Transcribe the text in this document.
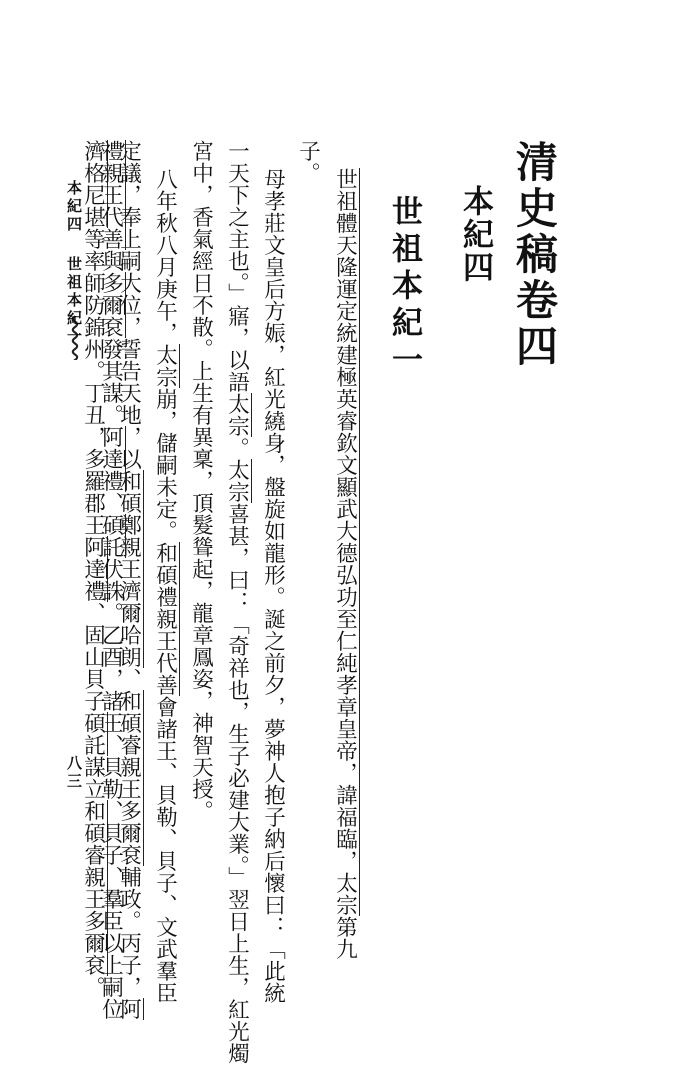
清史稿卷四
本紀四
世祖本紀一
世祖體天隆運定統建極英睿欽文顯武大德弘功至仁純孝章皇帝，諱福臨，太宗第九
子。
母孝莊文皇后方娠，紅光繞身，盤旋如龍形。誕之前夕，夢神人抱子納后懷曰：「此統
一天下之主也。」寤，以語太宗。太宗喜甚，曰：「奇祥也，生子必建大業。」翌日上生，紅光燭
宮中，香氣經日不散。上生有異稟，頂髮聳起，龍章鳳姿，神智天授。
八年秋八月庚午，太宗崩，儲嗣未定。和碩禮親王代善會諸王、貝勒、貝子、文武羣臣
定議，奉上嗣大位，誓告天地，以和碩鄭親王濟爾哈朗、和碩睿親王多爾袞輔政。丙子，阿
濟格尼堪等率師防錦州。丁丑，多羅郡王阿達禮、固山貝子碩託謀立和碩睿親王多爾袞。
禮親王代善與多爾袞發其謀。阿達禮、碩託伏誅。乙酉，諸王、貝勒、貝子、羣臣以上嗣位
本紀四世祖本紀一
八三
